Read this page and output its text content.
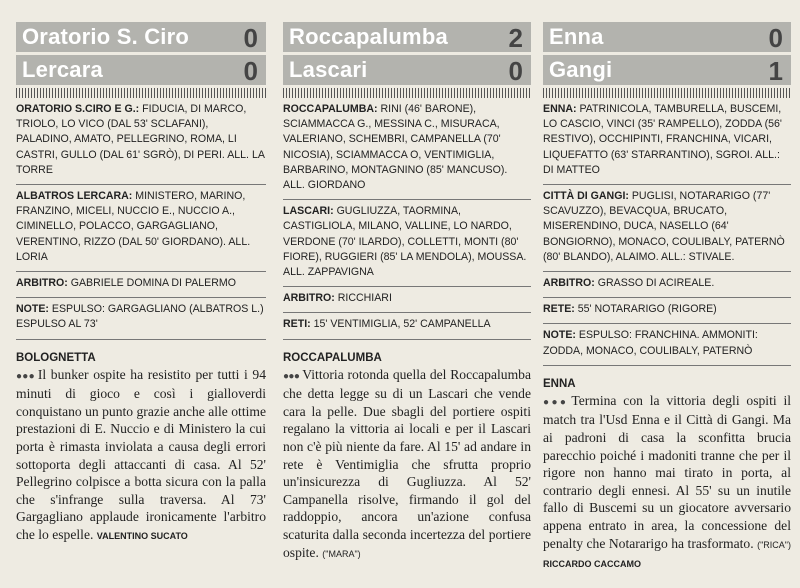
Oratorio S. Ciro 0
Lercara	0
ORATORIO S.CIRO E G.: FIDUCIA, DI MARCO, TRIOLO, LO VICO (DAL 53' SCLAFANI), PALADINO, AMATO, PELLEGRINO, ROMA, LI CASTRI, GULLO (DAL 61' SGRÒ), DI PERI. ALL. LA TORRE
ALBATROS LERCARA: MINISTERO, MARINO, FRANZINO, MICELI, NUCCIO E., NUCCIO A., CIMINELLO, POLACCO, GARGAGLIANO, VERENTINO, RIZZO (DAL 50' GIORDANO). ALL. LORIA
ARBITRO: GABRIELE DOMINA DI PALERMO
NOTE: ESPULSO: GARGAGLIANO (ALBATROS L.) ESPULSO AL 73'
BOLOGNETTA
●●● Il bunker ospite ha resistito per tutti i 94 minuti di gioco e così i gialloverdi conquistano un punto grazie anche alle ottime prestazioni di E. Nuccio e di Ministero la cui porta è rimasta inviolata a causa degli errori sottoporta degli attaccanti di casa. Al 52' Pellegrino colpisce a botta sicura con la palla che s'infrange sulla traversa. Al 73' Gargagliano applaude ironicamente l'arbitro che lo espelle. VALENTINO SUCATO
Roccapalumba 2
Lascari	0
ROCCAPALUMBA: RINI (46' BARONE), SCIAMMACCA G., MESSINA C., MISURACA, VALERIANO, SCHEMBRI, CAMPANELLA (70' NICOSIA), SCIAMMACCA O, VENTIMIGLIA, BARBARINO, MONTAGNINO (85' MANCUSO). ALL. GIORDANO
LASCARI: GUGLIUZZA, TAORMINA, CASTIGLIOLA, MILANO, VALLINE, LO NARDO, VERDONE (70' ILARDO), COLLETTI, MONTI (80' FIORE), RUGGIERI (85' LA MENDOLA), MOUSSA. ALL. ZAPPAVIGNA
ARBITRO: RICCHIARI
RETI: 15' VENTIMIGLIA, 52' CAMPANELLA
ROCCAPALUMBA
●●● Vittoria rotonda quella del Roccapalumba che detta legge su di un Lascari che vende cara la pelle. Due sbagli del portiere ospiti regalano la vittoria ai locali e per il Lascari non c'è più niente da fare. Al 15' ad andare in rete è Ventimiglia che sfrutta proprio un'insicurezza di Gugliuzza. Al 52' Campanella risolve, firmando il gol del raddoppio, ancora un'azione confusa scaturita dalla seconda incertezza del portiere ospite. ("MARA")
Enna	0
Gangi	1
ENNA: PATRINICOLA, TAMBURELLA, BUSCEMI, LO CASCIO, VINCI (35' RAMPELLO), ZODDA (56' RESTIVO), OCCHIPINTI, FRANCHINA, VICARI, LIQUEFATTO (63' STARRANTINO), SGROI. ALL.: DI MATTEO
CITTÀ DI GANGI: PUGLISI, NOTARARIGO (77' SCAVUZZO), BEVACQUA, BRUCATO, MISERENDINO, DUCA, NASELLO (64' BONGIORNO), MONACO, COULIBALY, PATERNÒ (80' BLANDO), ALAIMO. ALL.: STIVALE.
ARBITRO: GRASSO DI ACIREALE.
RETE: 55' NOTARARIGO (RIGORE)
NOTE: ESPULSO: FRANCHINA. AMMONITI: ZODDA, MONACO, COULIBALY, PATERNÒ
ENNA
●●● Termina con la vittoria degli ospiti il match tra l'Usd Enna e il Città di Gangi. Ma ai padroni di casa la sconfitta brucia parecchio poiché i madoniti tranne che per il rigore non hanno mai tirato in porta, al contrario degli ennesi. Al 55' su un inutile fallo di Buscemi su un giocatore avversario appena entrato in area, la concessione del penalty che Notararigo ha trasformato. ("RICA") RICCARDO CACCAMO
